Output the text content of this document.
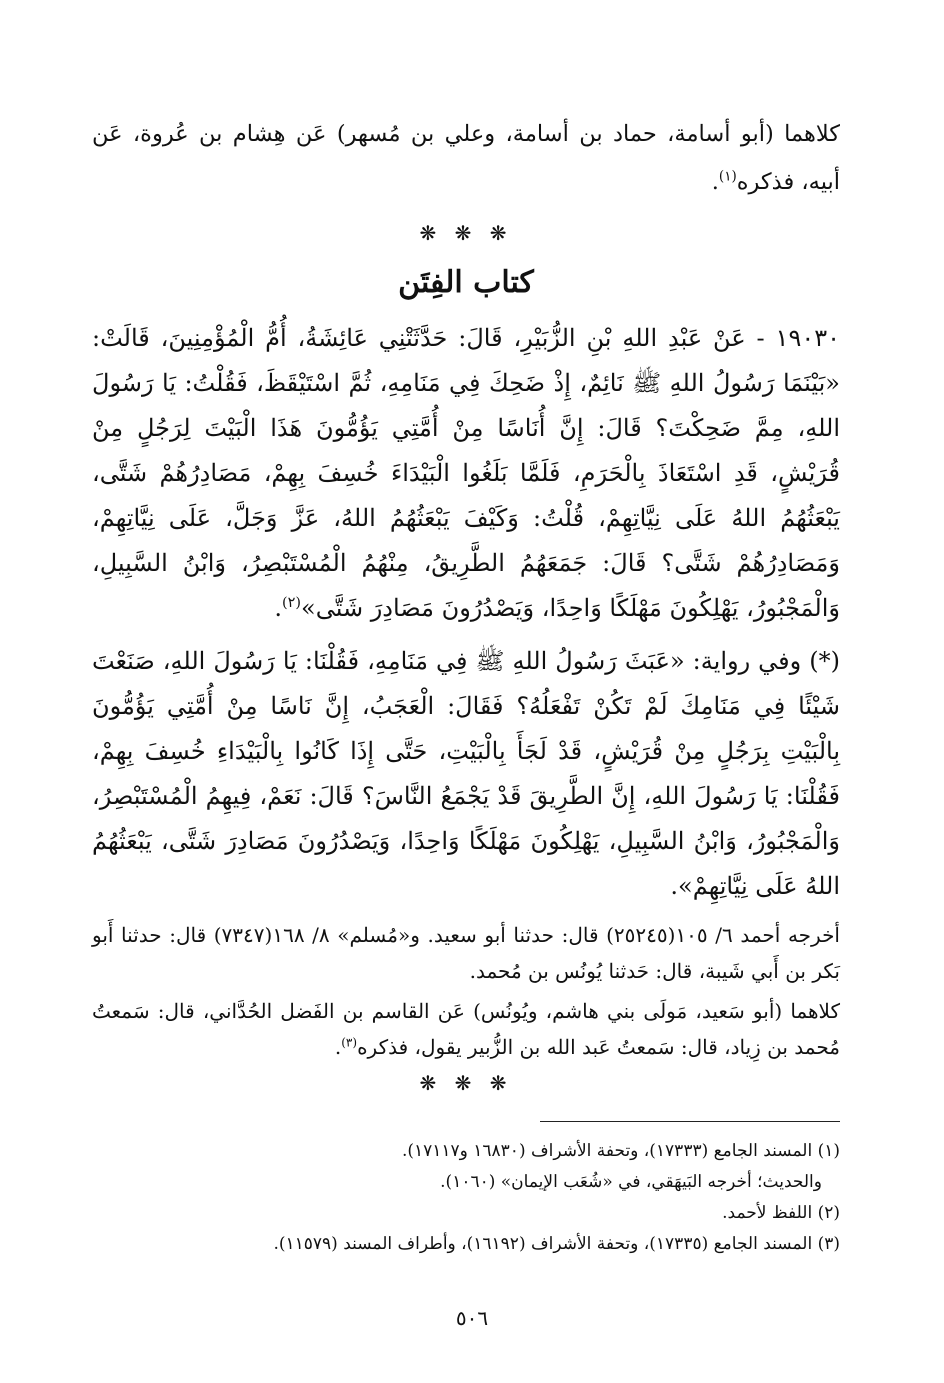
كلاهما (أبو أسامة، حماد بن أسامة، وعلي بن مُسهر) عَن هِشام بن عُروة، عَن أبيه، فذكره$^{(١)}$.

❋ ❋ ❋
كتاب الفِتَن

١٩٠٣٠ - عَنْ عَبْدِ اللهِ بْنِ الزُّبَيْرِ، قَالَ: حَدَّثَتْنِي عَائِشَةُ، أُمُّ الْمُؤْمِنِينَ، قَالَتْ: «بَيْنَمَا رَسُولُ اللهِ ﷺ نَائِمٌ، إِذْ ضَحِكَ فِي مَنَامِهِ، ثُمَّ اسْتَيْقَظَ، فَقُلْتُ: يَا رَسُولَ اللهِ، مِمَّ ضَحِكْتَ؟ قَالَ: إِنَّ أُنَاسًا مِنْ أُمَّتِي يَؤُمُّونَ هَذَا الْبَيْتَ لِرَجُلٍ مِنْ قُرَيْشٍ، قَدِ اسْتَعَاذَ بِالْحَرَمِ، فَلَمَّا بَلَغُوا الْبَيْدَاءَ خُسِفَ بِهِمْ، مَصَادِرُهُمْ شَتَّى، يَبْعَثُهُمُ اللهُ عَلَى نِيَّاتِهِمْ، قُلْتُ: وَكَيْفَ يَبْعَثُهُمُ اللهُ، عَزَّ وَجَلَّ، عَلَى نِيَّاتِهِمْ، وَمَصَادِرُهُمْ شَتَّى؟ قَالَ: جَمَعَهُمُ الطَّرِيقُ، مِنْهُمُ الْمُسْتَبْصِرُ، وَابْنُ السَّبِيلِ، وَالْمَجْبُورُ، يَهْلِكُونَ مَهْلَكًا وَاحِدًا، وَيَصْدُرُونَ مَصَادِرَ شَتَّى»$^{(٢)}$.

(*) وفي رواية: «عَبَثَ رَسُولُ اللهِ ﷺ فِي مَنَامِهِ، فَقُلْنَا: يَا رَسُولَ اللهِ، صَنَعْتَ شَيْئًا فِي مَنَامِكَ لَمْ تَكُنْ تَفْعَلُهُ؟ فَقَالَ: الْعَجَبُ، إِنَّ نَاسًا مِنْ أُمَّتِي يَؤُمُّونَ بِالْبَيْتِ بِرَجُلٍ مِنْ قُرَيْشٍ، قَدْ لَجَأَ بِالْبَيْتِ، حَتَّى إِذَا كَانُوا بِالْبَيْدَاءِ خُسِفَ بِهِمْ، فَقُلْنَا: يَا رَسُولَ اللهِ، إِنَّ الطَّرِيقَ قَدْ يَجْمَعُ النَّاسَ؟ قَالَ: نَعَمْ، فِيهِمُ الْمُسْتَبْصِرُ، وَالْمَجْبُورُ، وَابْنُ السَّبِيلِ، يَهْلِكُونَ مَهْلَكًا وَاحِدًا، وَيَصْدُرُونَ مَصَادِرَ شَتَّى، يَبْعَثُهُمُ اللهُ عَلَى نِيَّاتِهِمْ».

أخرجه أحمد ٦/ ١٠٥(٢٥٢٤٥) قال: حدثنا أبو سعيد. و«مُسلم» ٨/ ١٦٨(٧٣٤٧) قال: حدثنا أَبو بَكر بن أَبي شَيبة، قال: حَدثنا يُونُس بن مُحمد.

كلاهما (أبو سَعيد، مَولَى بني هاشم، ويُونُس) عَن القاسم بن الفَضل الحُدَّاني، قال: سَمعتُ مُحمد بن زِياد، قال: سَمعتُ عَبد الله بن الزُّبير يقول، فذكره$^{(٣)}$.

❋ ❋ ❋

(١) المسند الجامع (١٧٣٣٣)، وتحفة الأشراف (١٦٨٣٠ و١٧١١٧).

والحديث؛ أخرجه البَيهَقي، في «شُعَب الإيمان» (١٠٦٠).

(٢) اللفظ لأحمد.

(٣) المسند الجامع (١٧٣٣٥)، وتحفة الأشراف (١٦١٩٢)، وأطراف المسند (١١٥٧٩).

٥٠٦
